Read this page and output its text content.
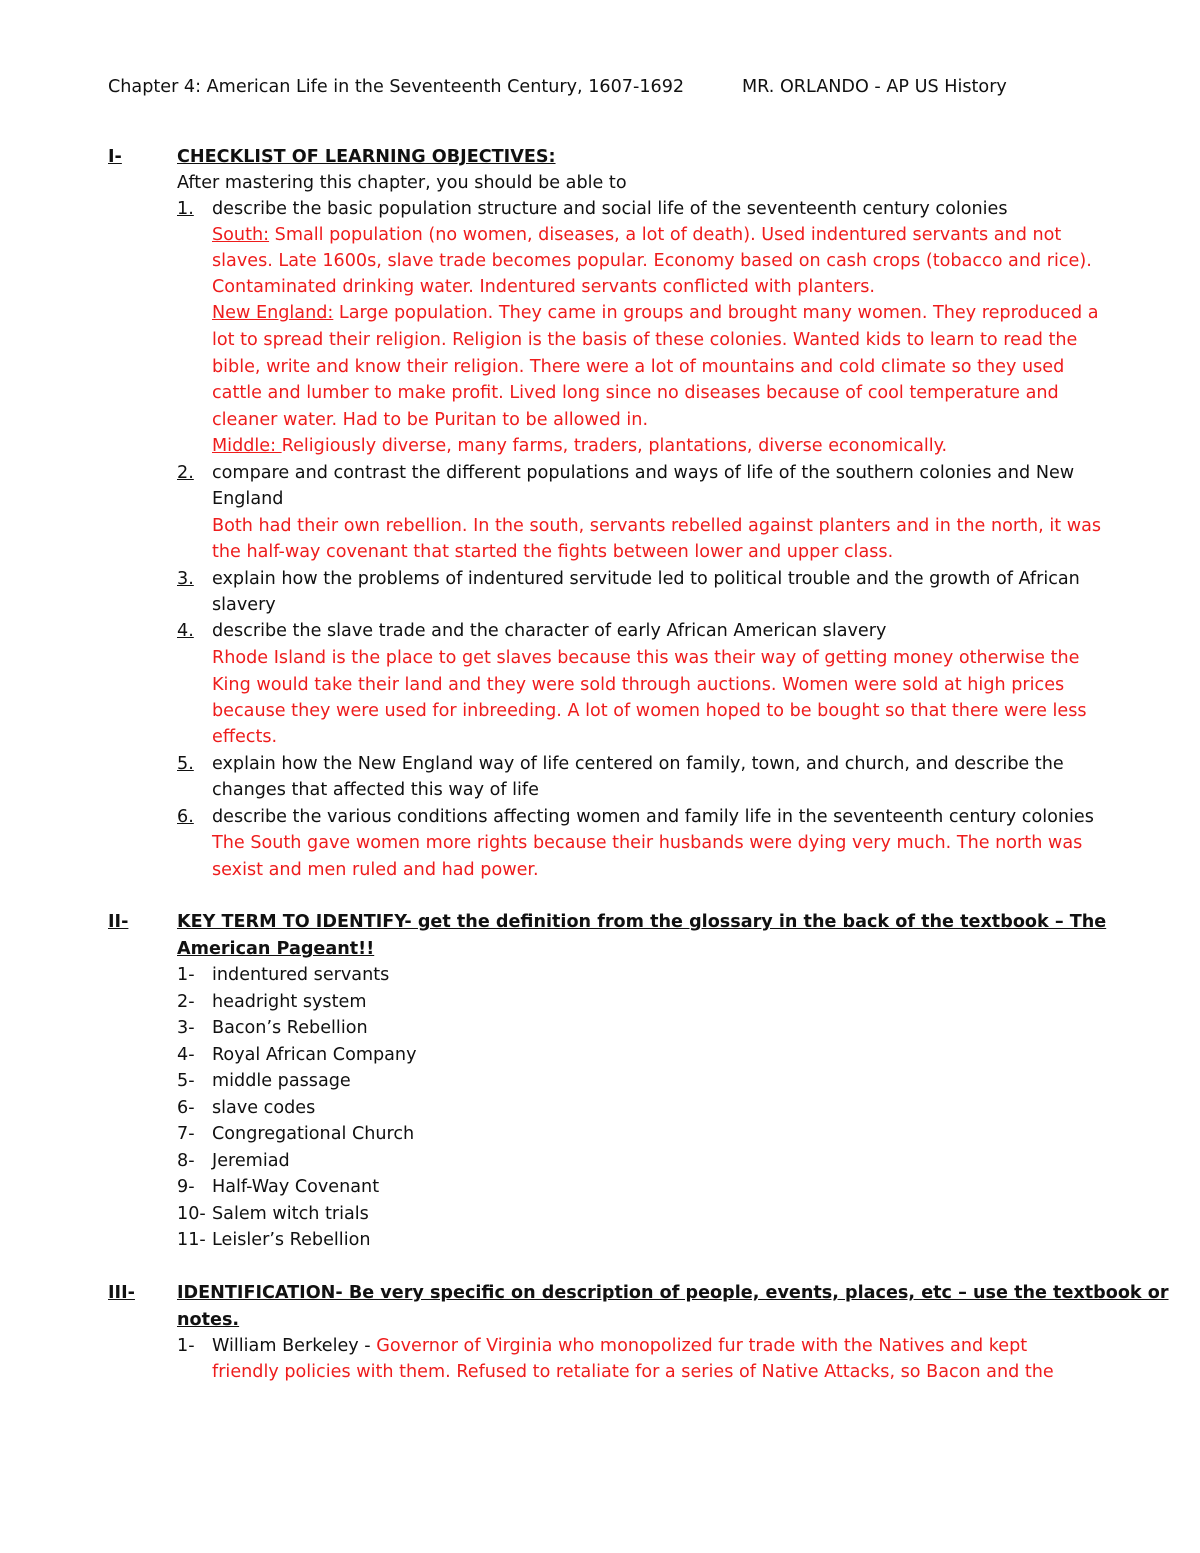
Chapter 4: American Life in the Seventeenth Century, 1607-1692	MR. ORLANDO - AP US History
I-	CHECKLIST OF LEARNING OBJECTIVES:
After mastering this chapter, you should be able to
1.	describe the basic population structure and social life of the seventeenth century colonies
South: Small population (no women, diseases, a lot of death). Used indentured servants and not
slaves. Late 1600s, slave trade becomes popular. Economy based on cash crops (tobacco and rice).
Contaminated drinking water. Indentured servants conflicted with planters.
New England: Large population. They came in groups and brought many women. They reproduced a
lot to spread their religion. Religion is the basis of these colonies. Wanted kids to learn to read the
bible, write and know their religion. There were a lot of mountains and cold climate so they used
cattle and lumber to make profit. Lived long since no diseases because of cool temperature and
cleaner water. Had to be Puritan to be allowed in.
Middle: Religiously diverse, many farms, traders, plantations, diverse economically.
2.	compare and contrast the different populations and ways of life of the southern colonies and New
England
Both had their own rebellion. In the south, servants rebelled against planters and in the north, it was
the half-way covenant that started the fights between lower and upper class.
3.	explain how the problems of indentured servitude led to political trouble and the growth of African
slavery
4.	describe the slave trade and the character of early African American slavery
Rhode Island is the place to get slaves because this was their way of getting money otherwise the
King would take their land and they were sold through auctions. Women were sold at high prices
because they were used for inbreeding. A lot of women hoped to be bought so that there were less
effects.
5.	explain how the New England way of life centered on family, town, and church, and describe the
changes that affected this way of life
6.	describe the various conditions affecting women and family life in the seventeenth century colonies
The South gave women more rights because their husbands were dying very much. The north was
sexist and men ruled and had power.
II-	KEY TERM TO IDENTIFY- get the definition from the glossary in the back of the textbook – The
American Pageant!!
1- indentured servants
2- headright system
3- Bacon’s Rebellion
4- Royal African Company
5- middle passage
6- slave codes
7- Congregational Church
8- Jeremiad
9- Half-Way Covenant
10- Salem witch trials
11- Leisler’s Rebellion
III-	IDENTIFICATION- Be very specific on description of people, events, places, etc – use the textbook or
notes.
1- William Berkeley - Governor of Virginia who monopolized fur trade with the Natives and kept
friendly policies with them. Refused to retaliate for a series of Native Attacks, so Bacon and the
